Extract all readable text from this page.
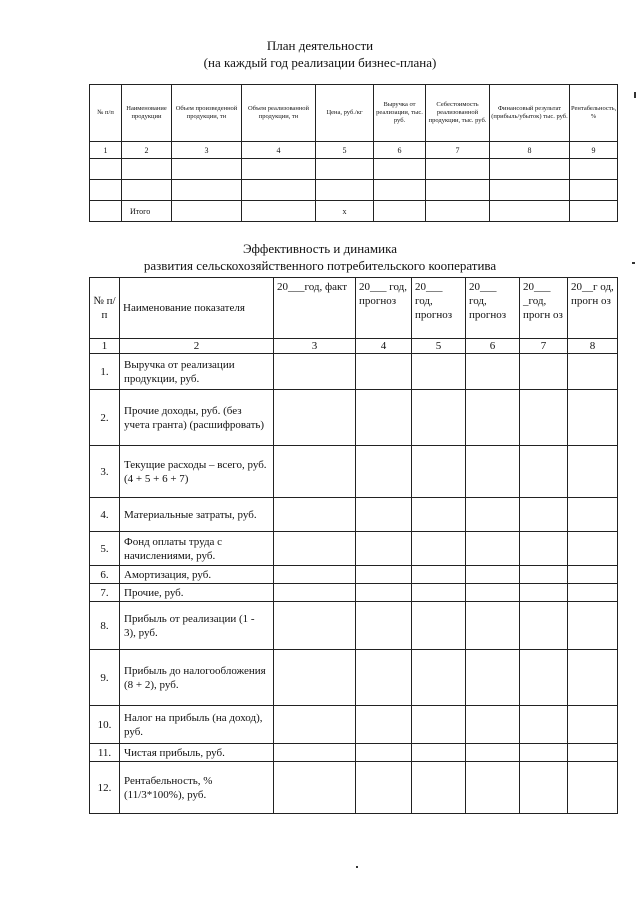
План деятельности
(на каждый год реализации бизнес-плана)
№ п/п	Наименование продукции	Объем произведенной продукции, тн	Объем реализованной продукции, тн	Цена, руб./кг	Выручка от реализации, тыс. руб.	Себестоимость реализованной продукции, тыс. руб.	Финансовый результат (прибыль/убыток) тыс. руб.	Рентабельность, %
1	2	3	4	5	6	7	8	9

	Итого			х				
Эффективность и динамика
развития сельскохозяйственного потребительского кооператива
№ п/п	Наименование показателя	20___год, факт	20___ год, прогноз	20___ год, прогноз	20___ год, прогноз	20___ _год, прогн оз	20__г од, прогн оз
1	2	3	4	5	6	7	8
1.	Выручка от реализации продукции, руб.						
2.	Прочие доходы, руб. (без учета гранта) (расшифровать)						
3.	Текущие расходы – всего, руб. (4 + 5 + 6 + 7)						
4.	Материальные затраты, руб.						
5.	Фонд оплаты труда с начислениями, руб.						
6.	Амортизация, руб.						
7.	Прочие, руб.						
8.	Прибыль от реализации (1 - 3), руб.						
9.	Прибыль до налогообложения (8 + 2), руб.						
10.	Налог на прибыль (на доход), руб.						
11.	Чистая прибыль, руб.						
12.	Рентабельность, % (11/3*100%), руб.						
